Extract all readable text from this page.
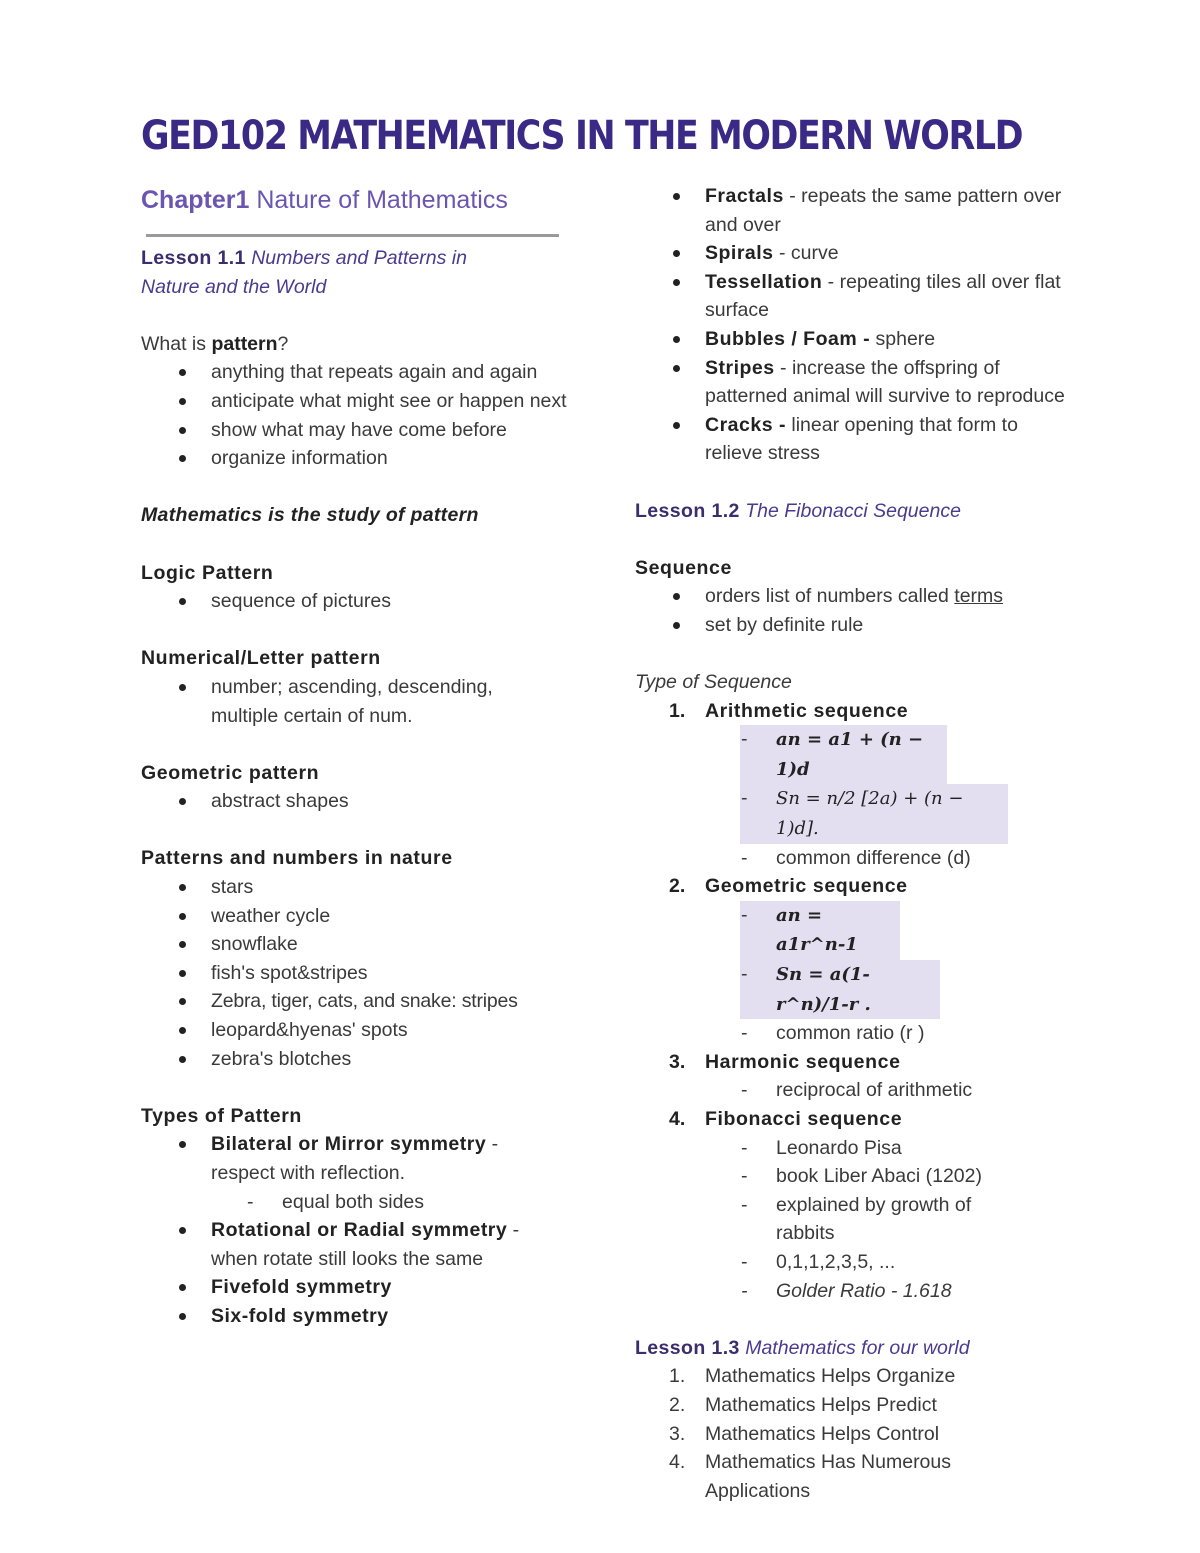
GED102 MATHEMATICS IN THE MODERN WORLD
Chapter1 Nature of Mathematics
Lesson 1.1 Numbers and Patterns in Nature and the World
What is pattern?
anything that repeats again and again
anticipate what might see or happen next
show what may have come before
organize information
Mathematics is the study of pattern
Logic Pattern
sequence of pictures
Numerical/Letter pattern
number; ascending, descending, multiple certain of num.
Geometric pattern
abstract shapes
Patterns and numbers in nature
stars
weather cycle
snowflake
fish's spot&stripes
Zebra, tiger, cats, and snake: stripes
leopard&hyenas' spots
zebra's blotches
Types of Pattern
Bilateral or Mirror symmetry - respect with reflection.
- equal both sides
Rotational or Radial symmetry - when rotate still looks the same
Fivefold symmetry
Six-fold symmetry
Fractals - repeats the same pattern over and over
Spirals - curve
Tessellation - repeating tiles all over flat surface
Bubbles / Foam - sphere
Stripes - increase the offspring of patterned animal will survive to reproduce
Cracks - linear opening that form to relieve stress
Lesson 1.2 The Fibonacci Sequence
Sequence
orders list of numbers called terms
set by definite rule
Type of Sequence
1. Arithmetic sequence
- an = a1 + (n − 1)d
- Sn = n/2 [2a) + (n − 1)d].
- common difference (d)
2. Geometric sequence
- an = a1r^n-1
- Sn = a(1-r^n)/1-r .
- common ratio (r )
3. Harmonic sequence
- reciprocal of arithmetic
4. Fibonacci sequence
- Leonardo Pisa
- book Liber Abaci (1202)
- explained by growth of rabbits
- 0,1,1,2,3,5, ...
- Golder Ratio - 1.618
Lesson 1.3 Mathematics for our world
1. Mathematics Helps Organize
2. Mathematics Helps Predict
3. Mathematics Helps Control
4. Mathematics Has Numerous Applications
